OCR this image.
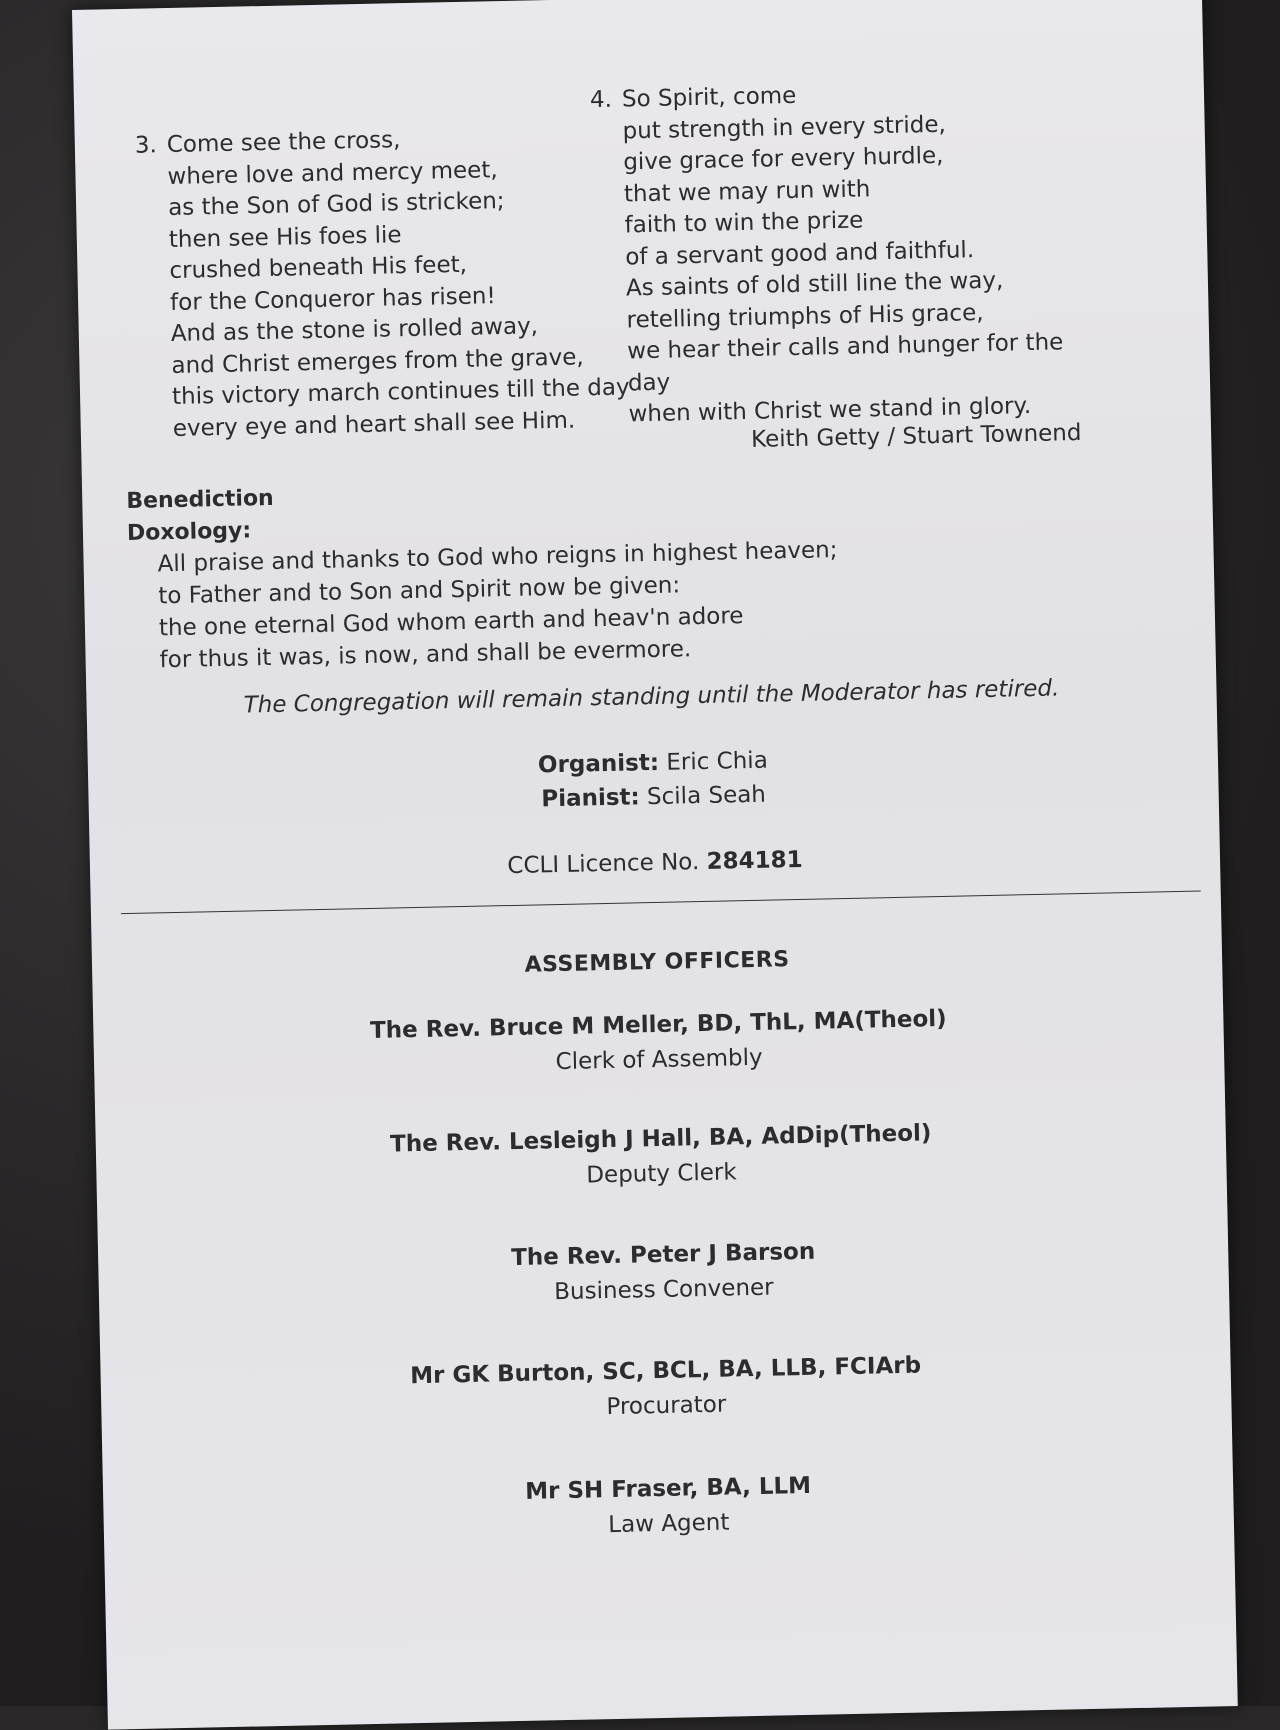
3. Come see the cross,
where love and mercy meet,
as the Son of God is stricken;
then see His foes lie
crushed beneath His feet,
for the Conqueror has risen!
And as the stone is rolled away,
and Christ emerges from the grave,
this victory march continues till the day
every eye and heart shall see Him.
4. So Spirit, come
put strength in every stride,
give grace for every hurdle,
that we may run with
faith to win the prize
of a servant good and faithful.
As saints of old still line the way,
retelling triumphs of His grace,
we hear their calls and hunger for the
day
when with Christ we stand in glory.
Keith Getty / Stuart Townend
Benediction
Doxology:
All praise and thanks to God who reigns in highest heaven;
to Father and to Son and Spirit now be given:
the one eternal God whom earth and heav'n adore
for thus it was, is now, and shall be evermore.
The Congregation will remain standing until the Moderator has retired.
Organist: Eric Chia
Pianist: Scila Seah
CCLI Licence No. 284181
ASSEMBLY OFFICERS
The Rev. Bruce M Meller, BD, ThL, MA(Theol)
Clerk of Assembly
The Rev. Lesleigh J Hall, BA, AdDip(Theol)
Deputy Clerk
The Rev. Peter J Barson
Business Convener
Mr GK Burton, SC, BCL, BA, LLB, FCIArb
Procurator
Mr SH Fraser, BA, LLM
Law Agent
